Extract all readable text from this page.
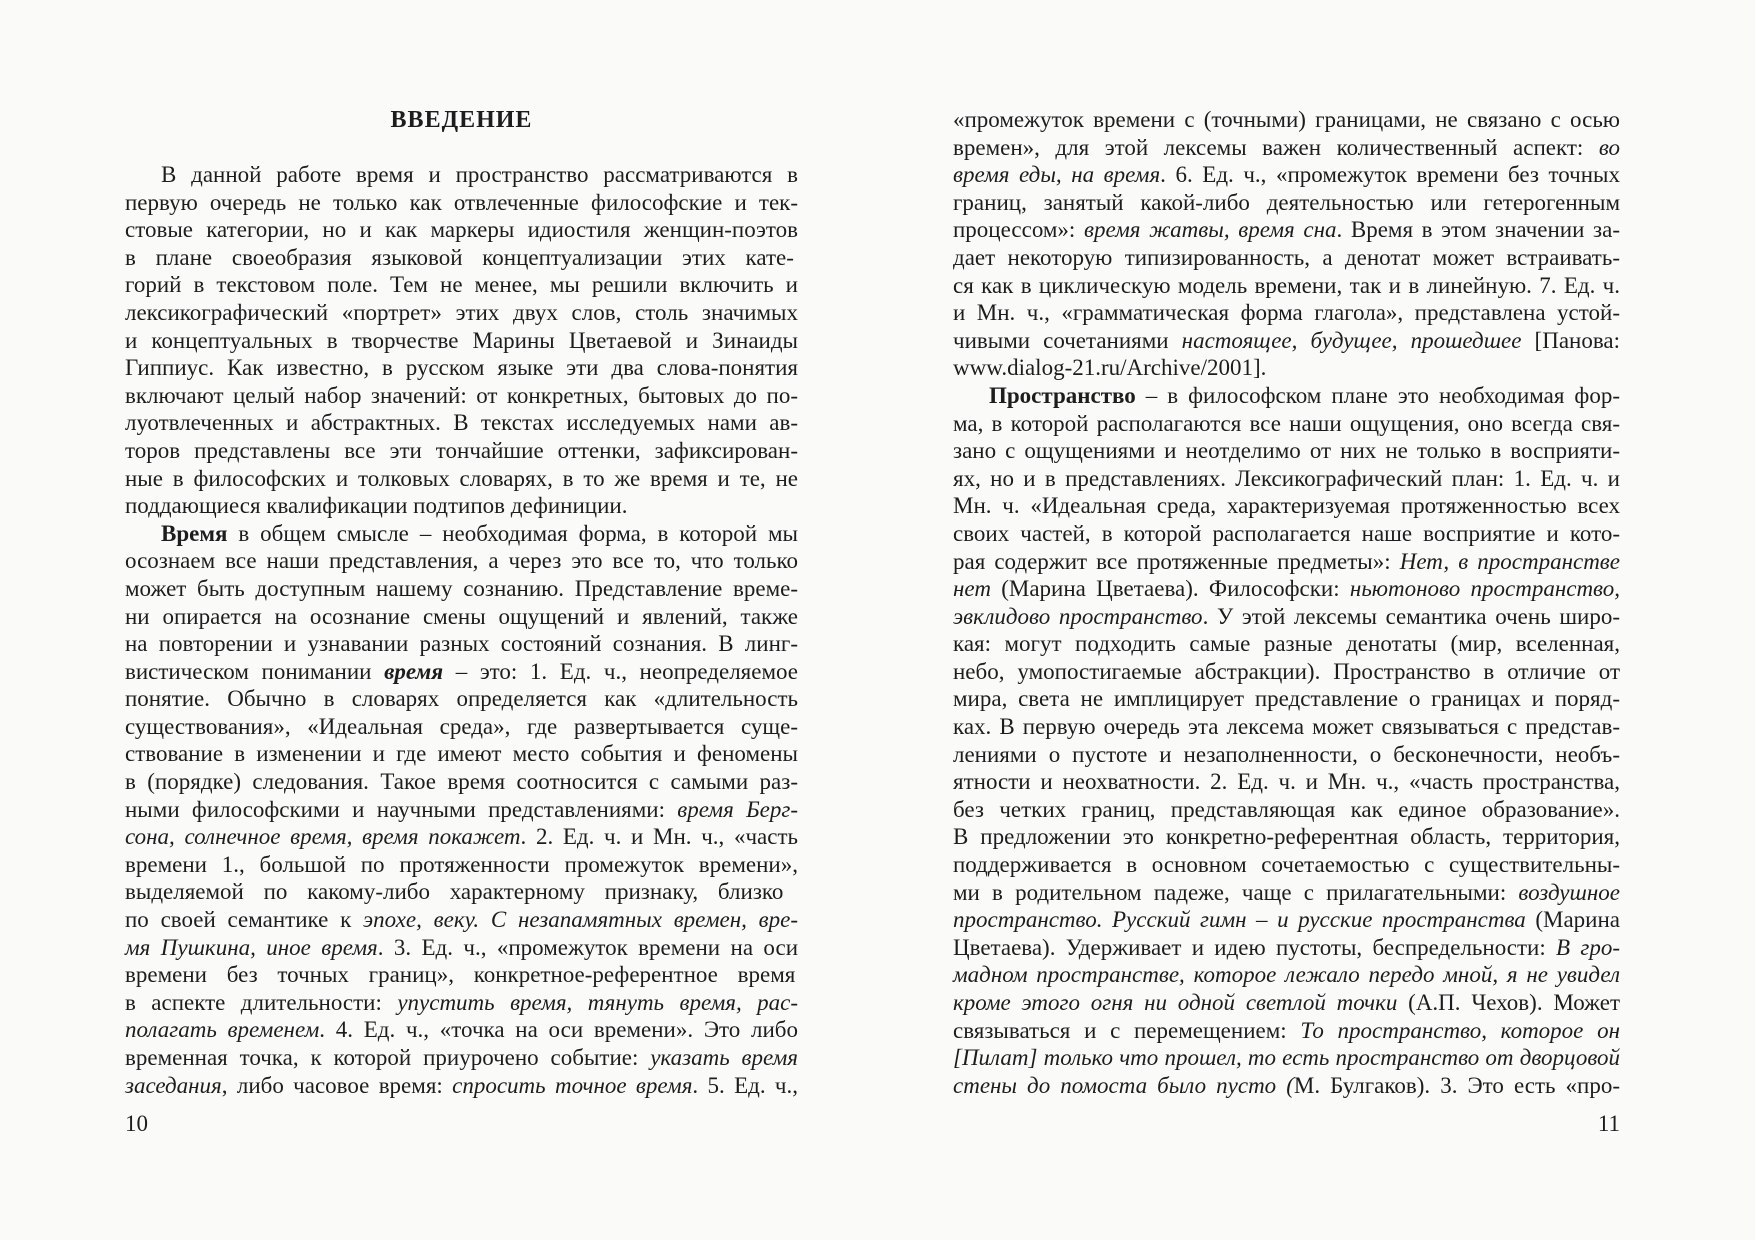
ВВЕДЕНИЕ
В данной работе время и пространство рассматриваются в
первую очередь не только как отвлеченные философские и тек-
стовые категории, но и как маркеры идиостиля женщин-поэтов
в плане своеобразия языковой концептуализации этих кате-
горий в текстовом поле. Тем не менее, мы решили включить и
лексикографический «портрет» этих двух слов, столь значимых
и концептуальных в творчестве Марины Цветаевой и Зинаиды
Гиппиус. Как известно, в русском языке эти два слова-понятия
включают целый набор значений: от конкретных, бытовых до по-
луотвлеченных и абстрактных. В текстах исследуемых нами ав-
торов представлены все эти тончайшие оттенки, зафиксирован-
ные в философских и толковых словарях, в то же время и те, не
поддающиеся квалификации подтипов дефиниции.
Время в общем смысле – необходимая форма, в которой мы
осознаем все наши представления, а через это все то, что только
может быть доступным нашему сознанию. Представление време-
ни опирается на осознание смены ощущений и явлений, также
на повторении и узнавании разных состояний сознания. В линг-
вистическом понимании время – это: 1. Ед. ч., неопределяемое
понятие. Обычно в словарях определяется как «длительность
существования», «Идеальная среда», где развертывается суще-
ствование в изменении и где имеют место события и феномены
в (порядке) следования. Такое время соотносится с самыми раз-
ными философскими и научными представлениями: время Берг-
сона, солнечное время, время покажет. 2. Ед. ч. и Мн. ч., «часть
времени 1., большой по протяженности промежуток времени»,
выделяемой по какому-либо характерному признаку, близко
по своей семантике к эпохе, веку. С незапамятных времен, вре-
мя Пушкина, иное время. 3. Ед. ч., «промежуток времени на оси
времени без точных границ», конкретное-референтное время
в аспекте длительности: упустить время, тянуть время, рас-
полагать временем. 4. Ед. ч., «точка на оси времени». Это либо
временная точка, к которой приурочено событие: указать время
заседания, либо часовое время: спросить точное время. 5. Ед. ч.,
«промежуток времени с (точными) границами, не связано с осью
времен», для этой лексемы важен количественный аспект: во
время еды, на время. 6. Ед. ч., «промежуток времени без точных
границ, занятый какой-либо деятельностью или гетерогенным
процессом»: время жатвы, время сна. Время в этом значении за-
дает некоторую типизированность, а денотат может встраивать-
ся как в циклическую модель времени, так и в линейную. 7. Ед. ч.
и Мн. ч., «грамматическая форма глагола», представлена устой-
чивыми сочетаниями настоящее, будущее, прошедшее [Панова:
www.dialog-21.ru/Archive/2001].
Пространство – в философском плане это необходимая фор-
ма, в которой располагаются все наши ощущения, оно всегда свя-
зано с ощущениями и неотделимо от них не только в восприяти-
ях, но и в представлениях. Лексикографический план: 1. Ед. ч. и
Мн. ч. «Идеальная среда, характеризуемая протяженностью всех
своих частей, в которой располагается наше восприятие и кото-
рая содержит все протяженные предметы»: Нет, в пространстве
нет (Марина Цветаева). Философски: ньютоново пространство,
эвклидово пространство. У этой лексемы семантика очень широ-
кая: могут подходить самые разные денотаты (мир, вселенная,
небо, умопостигаемые абстракции). Пространство в отличие от
мира, света не имплицирует представление о границах и поряд-
ках. В первую очередь эта лексема может связываться с представ-
лениями о пустоте и незаполненности, о бесконечности, необъ-
ятности и неохватности. 2. Ед. ч. и Мн. ч., «часть пространства,
без четких границ, представляющая как единое образование».
В предложении это конкретно-референтная область, территория,
поддерживается в основном сочетаемостью с существительны-
ми в родительном падеже, чаще с прилагательными: воздушное
пространство. Русский гимн – и русские пространства (Марина
Цветаева). Удерживает и идею пустоты, беспредельности: В гро-
мадном пространстве, которое лежало передо мной, я не увидел
кроме этого огня ни одной светлой точки (А.П. Чехов). Может
связываться и с перемещением: То пространство, которое он
[Пилат] только что прошел, то есть пространство от дворцовой
стены до помоста было пусто (М. Булгаков). 3. Это есть «про-
10	11
